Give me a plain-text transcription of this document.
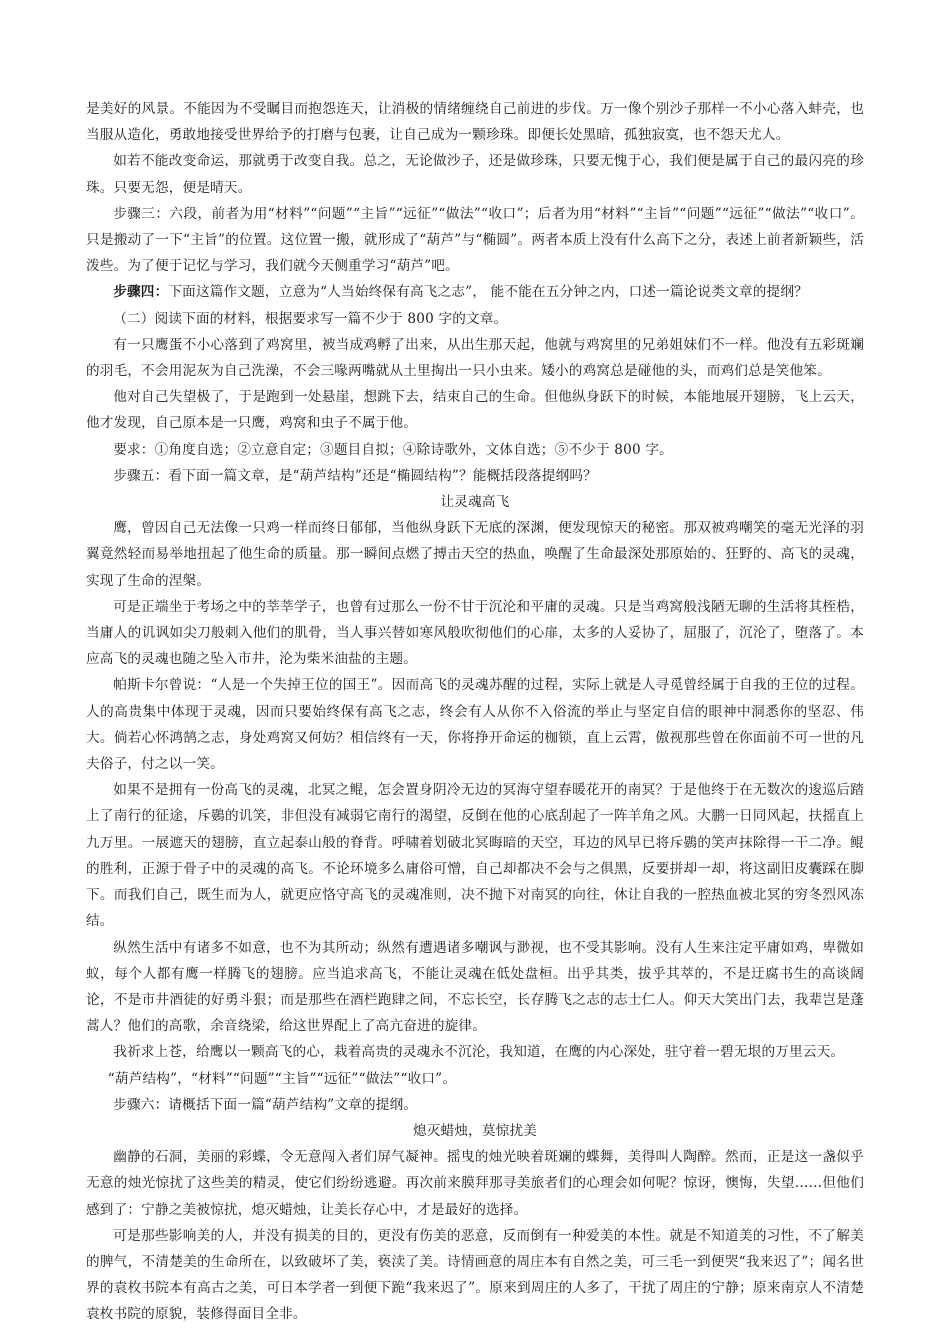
是美好的风景。不能因为不受瞩目而抱怨连天，让消极的情绪缠绕自己前进的步伐。万一像个别沙子那样一不小心落入蚌壳，也当服从造化，勇敢地接受世界给予的打磨与包裹，让自己成为一颗珍珠。即便长处黑暗，孤独寂寞，也不怨天尤人。

如若不能改变命运，那就勇于改变自我。总之，无论做沙子，还是做珍珠，只要无愧于心，我们便是属于自己的最闪亮的珍珠。只要无怨，便是晴天。

步骤三：六段，前者为用“材料”“问题”“主旨”“远征”“做法”“收口”；后者为用“材料”“主旨”“问题”“远征”“做法”“收口”。只是搬动了一下“主旨”的位置。这位置一搬，就形成了“葫芦”与“椭圆”。两者本质上没有什么高下之分，表述上前者新颖些，活泼些。为了便于记忆与学习，我们就今天侧重学习“葫芦”吧。

步骤四：下面这篇作文题，立意为“人当始终保有高飞之志”， 能不能在五分钟之内，口述一篇论说类文章的提纲？

（二）阅读下面的材料，根据要求写一篇不少于 800 字的文章。

有一只鹰蛋不小心落到了鸡窝里，被当成鸡孵了出来，从出生那天起，他就与鸡窝里的兄弟姐妹们不一样。他没有五彩斑斓的羽毛，不会用泥灰为自己洗澡，不会三喙两嘴就从土里掏出一只小虫来。矮小的鸡窝总是碰他的头，而鸡们总是笑他笨。

他对自己失望极了，于是跑到一处悬崖，想跳下去，结束自己的生命。但他纵身跃下的时候，本能地展开翅膀，飞上云天，他才发现，自己原本是一只鹰，鸡窝和虫子不属于他。

要求：①角度自选；②立意自定；③题目自拟；④除诗歌外，文体自选；⑤不少于 800 字。

步骤五：看下面一篇文章，是“葫芦结构”还是“椭圆结构”？能概括段落提纲吗？

让灵魂高飞

鹰，曾因自己无法像一只鸡一样而终日郁郁，当他纵身跃下无底的深渊，便发现惊天的秘密。那双被鸡嘲笑的毫无光泽的羽翼竟然轻而易举地扭起了他生命的质量。那一瞬间点燃了搏击天空的热血，唤醒了生命最深处那原始的、狂野的、高飞的灵魂，实现了生命的涅槃。

可是正端坐于考场之中的莘莘学子，也曾有过那么一份不甘于沉沦和平庸的灵魂。只是当鸡窝般浅陋无聊的生活将其桎梏，当庸人的讥讽如尖刀般刺入他们的肌骨，当人事兴替如寒风般吹彻他们的心扉，太多的人妥协了，屈服了，沉沦了，堕落了。本应高飞的灵魂也随之坠入市井，沦为柴米油盐的主题。

帕斯卡尔曾说：“人是一个失掉王位的国王”。因而高飞的灵魂苏醒的过程，实际上就是人寻觅曾经属于自我的王位的过程。人的高贵集中体现于灵魂，因而只要始终保有高飞之志，终会有人从你不入俗流的举止与坚定自信的眼神中洞悉你的坚忍、伟大。倘若心怀鸿鹄之志，身处鸡窝又何妨？相信终有一天，你将挣开命运的枷锁，直上云霄，傲视那些曾在你面前不可一世的凡夫俗子，付之以一笑。

如果不是拥有一份高飞的灵魂，北冥之鲲，怎会置身阴冷无边的冥海守望春暖花开的南冥？于是他终于在无数次的逡巡后踏上了南行的征途，斥鷃的讥笑，非但没有减弱它南行的渴望，反倒在他的心底刮起了一阵羊角之风。大鹏一日同风起，扶摇直上九万里。一展遮天的翅膀，直立起泰山般的脊背。呼啸着划破北冥晦暗的天空，耳边的风早已将斥鷃的笑声抹除得一干二净。鲲的胜利，正源于骨子中的灵魂的高飞。不论环境多么庸俗可憎，自己却都决不会与之俱黑，反要拼却一却，将这副旧皮囊踩在脚下。而我们自己，既生而为人，就更应恪守高飞的灵魂准则，决不抛下对南冥的向往，休让自我的一腔热血被北冥的穷冬烈风冻结。

纵然生活中有诸多不如意，也不为其所动；纵然有遭遇诸多嘲讽与渺视，也不受其影响。没有人生来注定平庸如鸡，卑微如蚁，每个人都有鹰一样腾飞的翅膀。应当追求高飞，不能让灵魂在低处盘桓。出乎其类，拔乎其萃的，不是迂腐书生的高谈阔论，不是市井酒徒的好勇斗狠；而是那些在酒栏跑肆之间，不忘长空，长存腾飞之志的志士仁人。仰天大笑出门去，我辈岂是蓬蒿人？他们的高歌，余音绕梁，给这世界配上了高亢奋进的旋律。

我祈求上苍，给鹰以一颗高飞的心，栽着高贵的灵魂永不沉沦，我知道，在鹰的内心深处，驻守着一碧无垠的万里云天。

“葫芦结构”，“材料”“问题”“主旨”“远征”“做法”“收口”。

步骤六：请概括下面一篇“葫芦结构”文章的提纲。

熄灭蜡烛，莫惊扰美

幽静的石洞，美丽的彩蝶，令无意闯入者们屏气凝神。摇曳的烛光映着斑斓的蝶舞，美得叫人陶醉。然而，正是这一盏似乎无意的烛光惊扰了这些美的精灵，使它们纷纷逃避。再次前来膜拜那寻美旅者们的心理会如何呢？惊讶，懊悔，失望……但他们感到了：宁静之美被惊扰，熄灭蜡烛，让美长存心中，才是最好的选择。

可是那些影响美的人，并没有损美的目的，更没有伤美的恶意，反而倒有一种爱美的本性。就是不知道美的习性，不了解美的脾气，不清楚美的生命所在，以致破坏了美，亵渎了美。诗情画意的周庄本有自然之美，可三毛一到便哭“我来迟了”；闻名世界的袁枚书院本有高古之美，可日本学者一到便下跪“我来迟了”。原来到周庄的人多了，干扰了周庄的宁静；原来南京人不清楚袁枚书院的原貌，装修得面目全非。
